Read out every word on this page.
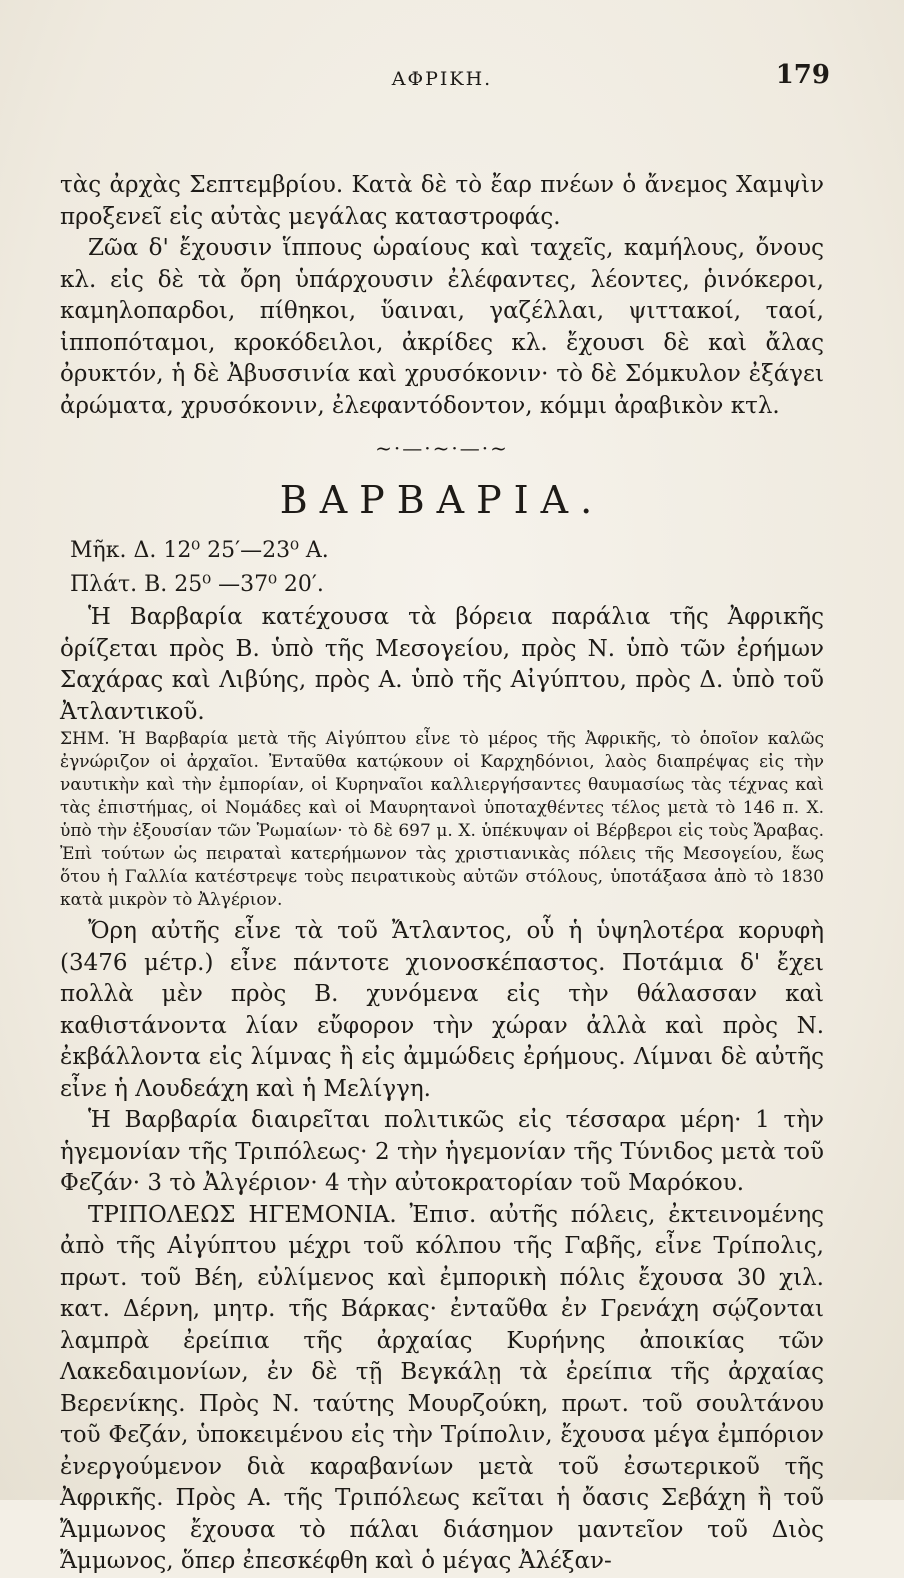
ΑΦΡΙΚΗ.	179

τὰς ἀρχὰς Σεπτεμβρίου. Κατὰ δὲ τὸ ἔαρ πνέων ὁ ἄνεμος Χαμψὶν προξενεῖ εἰς αὐτὰς μεγάλας καταστροφάς.

Ζῶα δ' ἔχουσιν ἵππους ὡραίους καὶ ταχεῖς, καμήλους, ὄνους κλ. εἰς δὲ τὰ ὄρη ὑπάρχουσιν ἐλέφαντες, λέοντες, ῥινόκεροι, καμηλοπαρδοι, πίθηκοι, ὕαιναι, γαζέλλαι, ψιττακοί, ταοί, ἱπποπόταμοι, κροκόδειλοι, ἀκρίδες κλ. ἔχουσι δὲ καὶ ἄλας ὀρυκτόν, ἡ δὲ Ἀβυσσινία καὶ χρυσόκονιν· τὸ δὲ Σόμκυλον ἐξάγει ἀρώματα, χρυσόκονιν, ἐλεφαντόδοντον, κόμμι ἀραβικὸν κτλ.

~·—·~·—·~
ΒΑΡΒΑΡΙΑ.

Μῆκ. Δ. 12⁰ 25′—23⁰ Α.

Πλάτ. Β. 25⁰ —37⁰ 20′.

Ἡ Βαρβαρία κατέχουσα τὰ βόρεια παράλια τῆς Ἀφρικῆς ὁρίζεται πρὸς Β. ὑπὸ τῆς Μεσογείου, πρὸς Ν. ὑπὸ τῶν ἐρήμων Σαχάρας καὶ Λιβύης, πρὸς Α. ὑπὸ τῆς Αἰγύπτου, πρὸς Δ. ὑπὸ τοῦ Ἀτλαντικοῦ.

ΣΗΜ. Ἡ Βαρβαρία μετὰ τῆς Αἰγύπτου εἶνε τὸ μέρος τῆς Ἀφρικῆς, τὸ ὁποῖον καλῶς ἐγνώριζον οἱ ἀρχαῖοι. Ἐνταῦθα κατῴκουν οἱ Καρχηδόνιοι, λαὸς διαπρέψας εἰς τὴν ναυτικὴν καὶ τὴν ἐμπορίαν, οἱ Κυρηναῖοι καλλιεργήσαντες θαυμασίως τὰς τέχνας καὶ τὰς ἐπιστήμας, οἱ Νομάδες καὶ οἱ Μαυρητανοὶ ὑποταχθέντες τέλος μετὰ τὸ 146 π. Χ. ὑπὸ τὴν ἐξουσίαν τῶν Ῥωμαίων· τὸ δὲ 697 μ. Χ. ὑπέκυψαν οἱ Βέρβεροι εἰς τοὺς Ἄραβας. Ἐπὶ τούτων ὡς πειραταὶ κατερήμωνον τὰς χριστιανικὰς πόλεις τῆς Μεσογείου, ἕως ὅτου ἡ Γαλλία κατέστρεψε τοὺς πειρατικοὺς αὐτῶν στόλους, ὑποτάξασα ἀπὸ τὸ 1830 κατὰ μικρὸν τὸ Ἀλγέριον.

Ὄρη αὐτῆς εἶνε τὰ τοῦ Ἄτλαντος, οὗ ἡ ὑψηλοτέρα κορυφὴ (3476 μέτρ.) εἶνε πάντοτε χιονοσκέπαστος. Ποτάμια δ' ἔχει πολλὰ μὲν πρὸς Β. χυνόμενα εἰς τὴν θάλασσαν καὶ καθιστάνοντα λίαν εὔφορον τὴν χώραν ἀλλὰ καὶ πρὸς Ν. ἐκβάλλοντα εἰς λίμνας ἢ εἰς ἀμμώδεις ἐρήμους. Λίμναι δὲ αὐτῆς εἶνε ἡ Λουδεάχη καὶ ἡ Μελίγγη.

Ἡ Βαρβαρία διαιρεῖται πολιτικῶς εἰς τέσσαρα μέρη· 1 τὴν ἡγεμονίαν τῆς Τριπόλεως· 2 τὴν ἡγεμονίαν τῆς Τύνιδος μετὰ τοῦ Φεζάν· 3 τὸ Ἀλγέριον· 4 τὴν αὐτοκρατορίαν τοῦ Μαρόκου.

ΤΡΙΠΟΛΕΩΣ ΗΓΕΜΟΝΙΑ. Ἐπισ. αὐτῆς πόλεις, ἐκτεινομένης ἀπὸ τῆς Αἰγύπτου μέχρι τοῦ κόλπου τῆς Γαβῆς, εἶνε Τρίπολις, πρωτ. τοῦ Βέη, εὐλίμενος καὶ ἐμπορικὴ πόλις ἔχουσα 30 χιλ. κατ. Δέρνη, μητρ. τῆς Βάρκας· ἐνταῦθα ἐν Γρενάχη σῴζονται λαμπρὰ ἐρείπια τῆς ἀρχαίας Κυρήνης ἀποικίας τῶν Λακεδαιμονίων, ἐν δὲ τῇ Βεγκάλῃ τὰ ἐρείπια τῆς ἀρχαίας Βερενίκης. Πρὸς Ν. ταύτης Μουρζούκη, πρωτ. τοῦ σουλτάνου τοῦ Φεζάν, ὑποκειμένου εἰς τὴν Τρίπολιν, ἔχουσα μέγα ἐμπόριον ἐνεργούμενον διὰ καραβανίων μετὰ τοῦ ἐσωτερικοῦ τῆς Ἀφρικῆς. Πρὸς Α. τῆς Τριπόλεως κεῖται ἡ ὄασις Σεβάχη ἢ τοῦ Ἄμμωνος ἔχουσα τὸ πάλαι διάσημον μαντεῖον τοῦ Διὸς Ἄμμωνος, ὅπερ ἐπεσκέφθη καὶ ὁ μέγας Ἀλέξαν-
